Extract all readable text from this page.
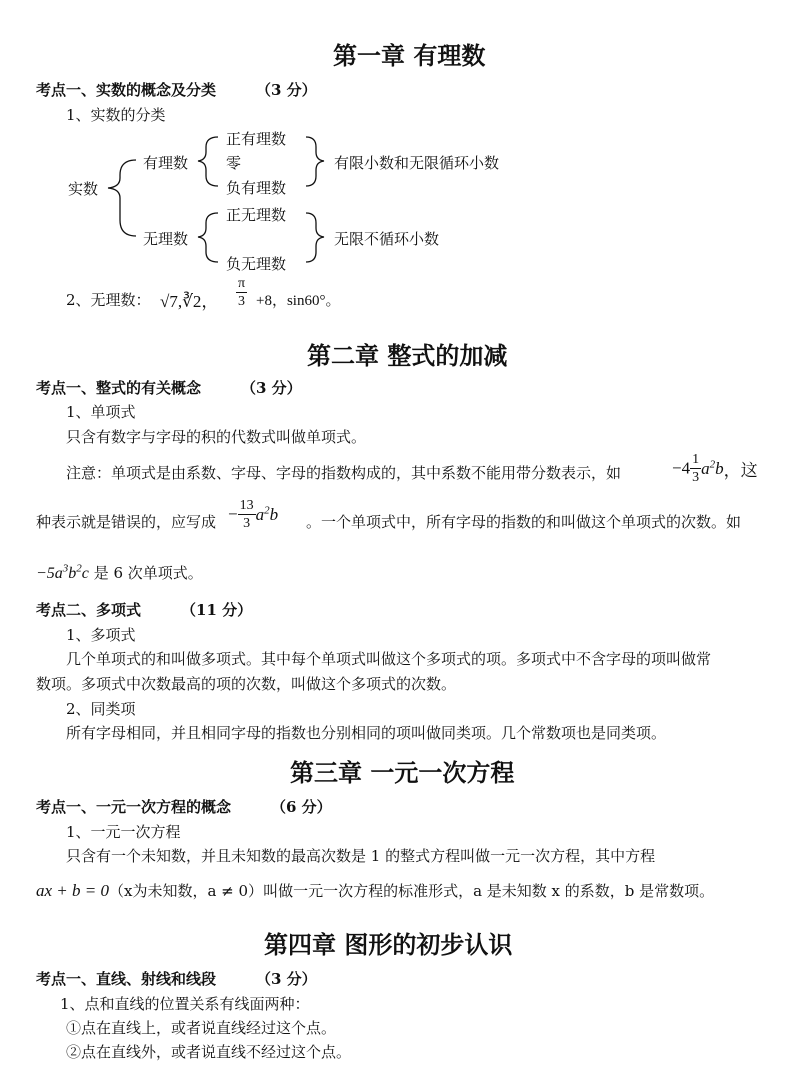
第一章 有理数
考点一、实数的概念及分类	（3 分）
1、实数的分类
实数
有理数
正有理数
零
负有理数
有限小数和无限循环小数
无理数
正无理数
负无理数
无限不循环小数
2、无理数： √7,∛2， $\frac{\pi}{3} +8$，sin60°。
第二章 整式的加减
考点一、整式的有关概念	（3 分）
1、单项式
只含有数字与字母的积的代数式叫做单项式。
注意：单项式是由系数、字母、字母的指数构成的，其中系数不能用带分数表示，如	$-4 \frac{1}{3} a^2b$，这
种表示就是错误的，应写成 − $\frac{13}{3} a^2b$ 。一个单项式中，所有字母的指数的和叫做这个单项式的次数。如
$-5a^3b^2c$ 是 6 次单项式。
考点二、多项式	（11 分）
1、多项式
几个单项式的和叫做多项式。其中每个单项式叫做这个多项式的项。多项式中不含字母的项叫做常
数项。多项式中次数最高的项的次数，叫做这个多项式的次数。
2、同类项
所有字母相同，并且相同字母的指数也分别相同的项叫做同类项。几个常数项也是同类项。
第三章 一元一次方程
考点一、一元一次方程的概念	（6 分）
1、一元一次方程
只含有一个未知数，并且未知数的最高次数是 1 的整式方程叫做一元一次方程，其中方程
ax + b = 0（x为未知数，a ≠ 0）叫做一元一次方程的标准形式，a 是未知数 x 的系数，b 是常数项。
第四章 图形的初步认识
考点一、直线、射线和线段	（3 分）
1、点和直线的位置关系有线面两种：
①点在直线上，或者说直线经过这个点。
②点在直线外，或者说直线不经过这个点。
